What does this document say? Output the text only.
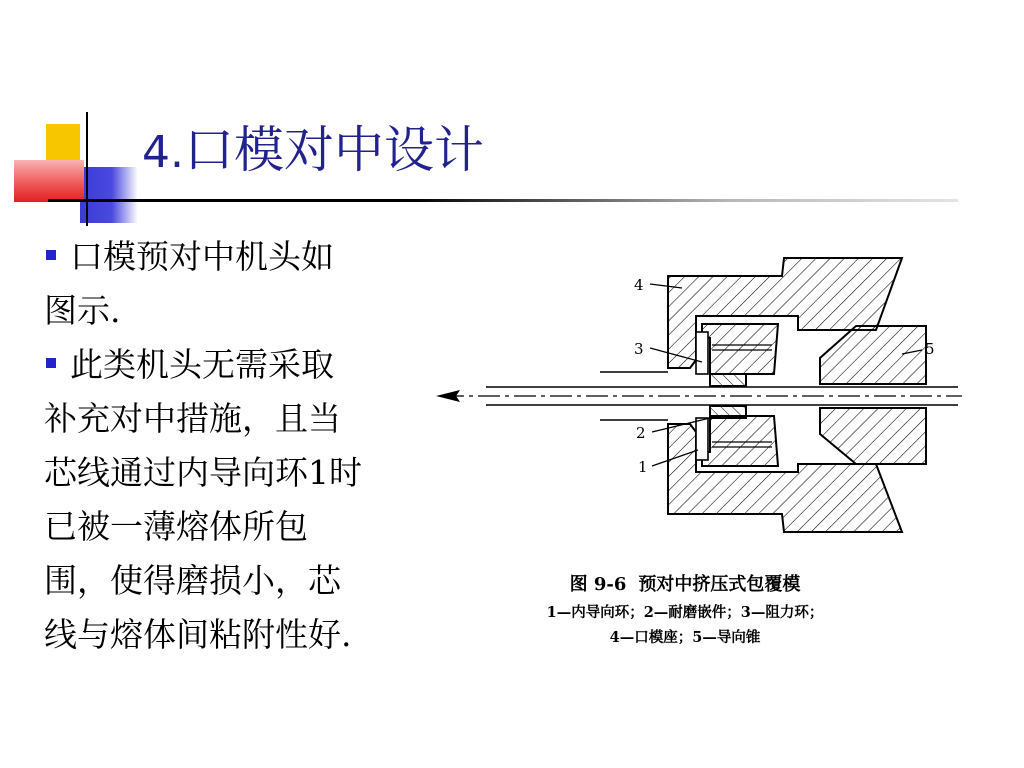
4.口模对中设计
口模预对中机头如图示.
此类机头无需采取补充对中措施，且当芯线通过内导向环1时已被一薄熔体所包围，使得磨损小，芯线与熔体间粘附性好.
4
3	5
2
1
图 9-6 预对中挤压式包覆模
1—内导向环；2—耐磨嵌件；3—阻力环；
4—口模座；5—导向锥
